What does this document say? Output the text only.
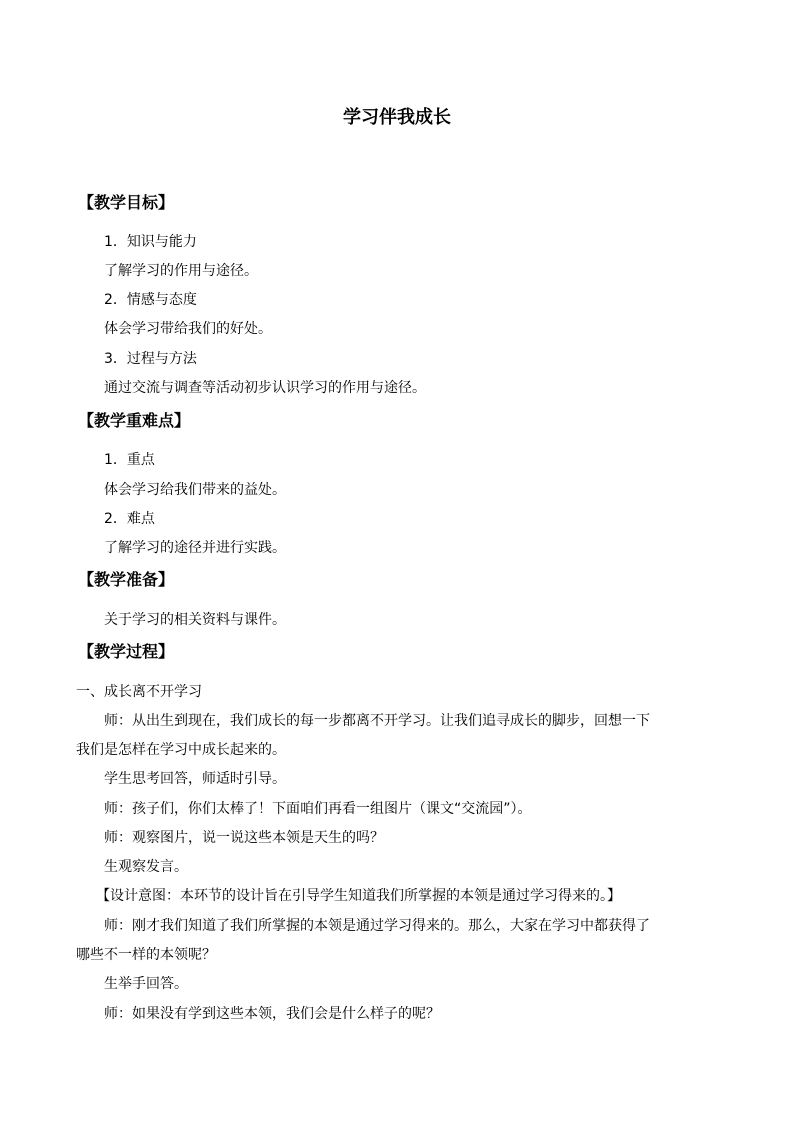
学习伴我成长
【教学目标】
1．知识与能力
了解学习的作用与途径。
2．情感与态度
体会学习带给我们的好处。
3．过程与方法
通过交流与调查等活动初步认识学习的作用与途径。
【教学重难点】
1．重点
体会学习给我们带来的益处。
2．难点
了解学习的途径并进行实践。
【教学准备】
关于学习的相关资料与课件。
【教学过程】
一、成长离不开学习
师：从出生到现在，我们成长的每一步都离不开学习。让我们追寻成长的脚步，回想一下
我们是怎样在学习中成长起来的。
学生思考回答，师适时引导。
师：孩子们，你们太棒了！下面咱们再看一组图片（课文“交流园”）。
师：观察图片，说一说这些本领是天生的吗？
生观察发言。
【设计意图：本环节的设计旨在引导学生知道我们所掌握的本领是通过学习得来的。】
师：刚才我们知道了我们所掌握的本领是通过学习得来的。那么，大家在学习中都获得了
哪些不一样的本领呢？
生举手回答。
师：如果没有学到这些本领，我们会是什么样子的呢？
